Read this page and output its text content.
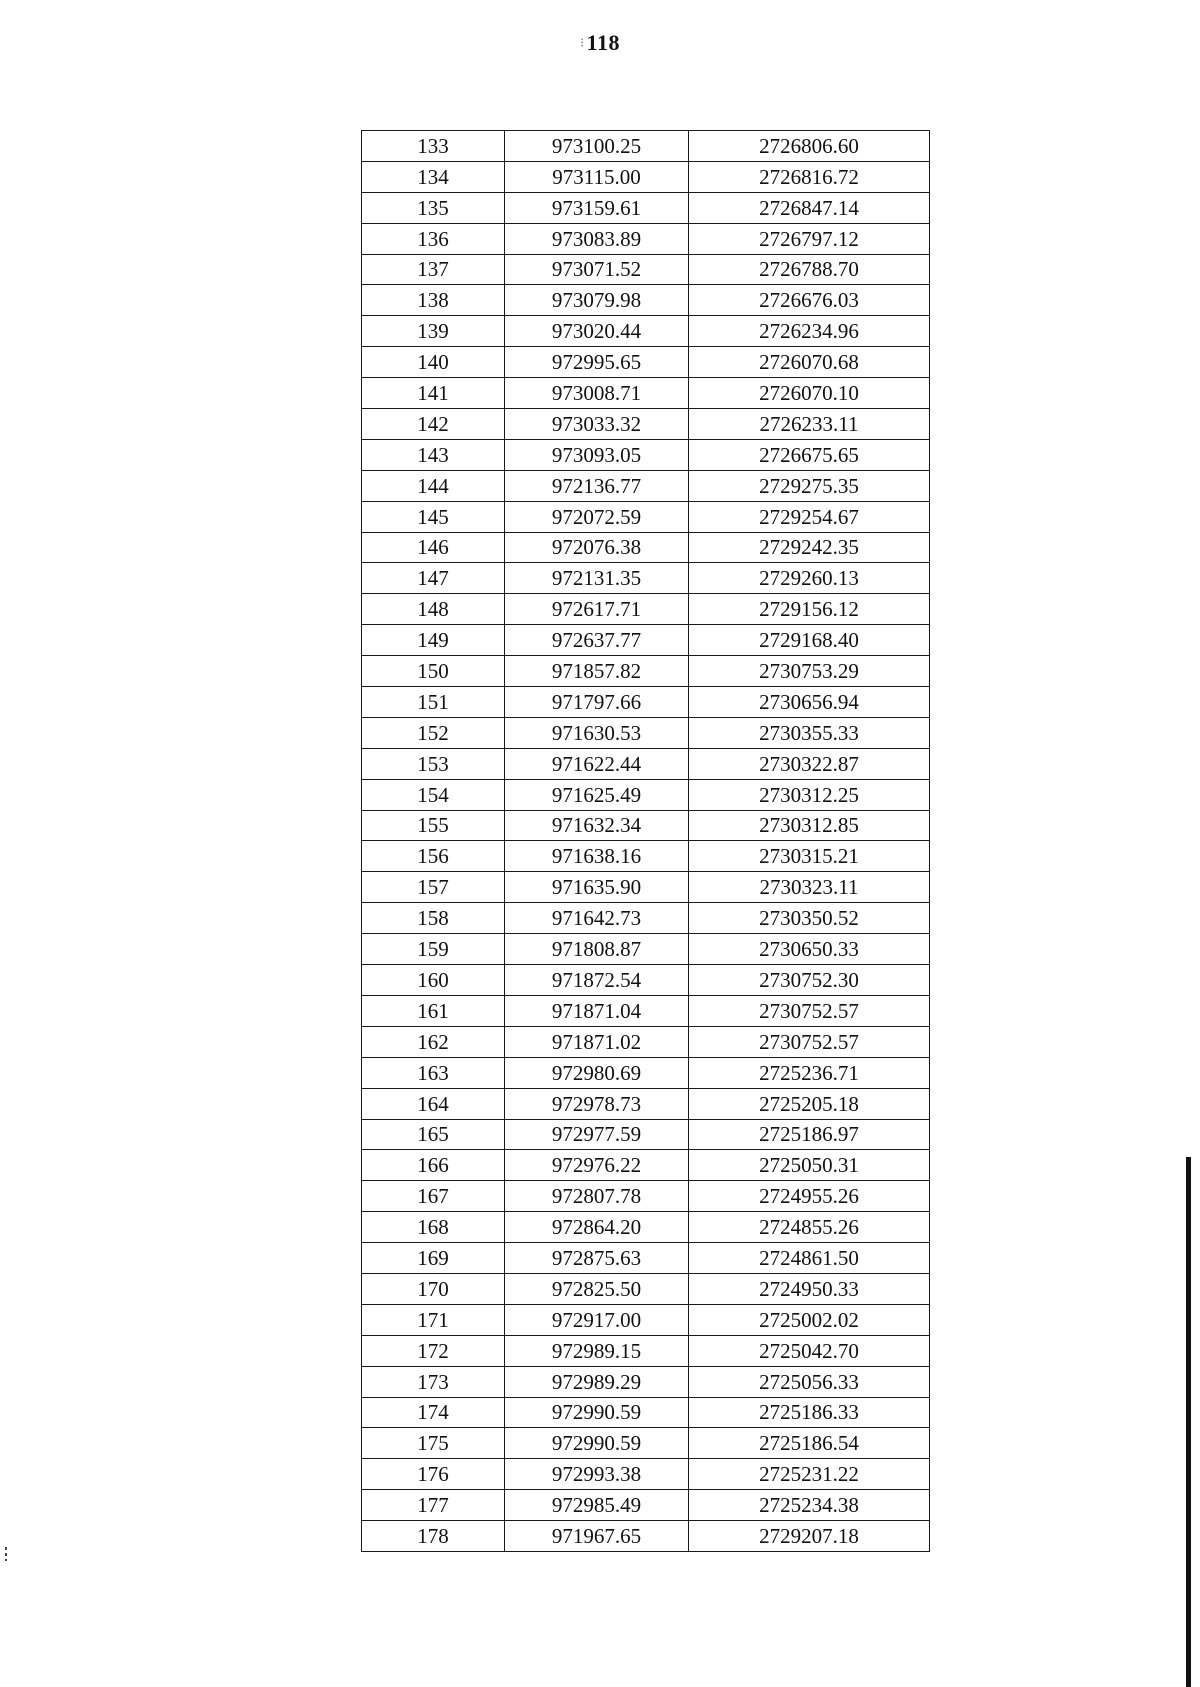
⁝118
133	973100.25	2726806.60
134	973115.00	2726816.72
135	973159.61	2726847.14
136	973083.89	2726797.12
137	973071.52	2726788.70
138	973079.98	2726676.03
139	973020.44	2726234.96
140	972995.65	2726070.68
141	973008.71	2726070.10
142	973033.32	2726233.11
143	973093.05	2726675.65
144	972136.77	2729275.35
145	972072.59	2729254.67
146	972076.38	2729242.35
147	972131.35	2729260.13
148	972617.71	2729156.12
149	972637.77	2729168.40
150	971857.82	2730753.29
151	971797.66	2730656.94
152	971630.53	2730355.33
153	971622.44	2730322.87
154	971625.49	2730312.25
155	971632.34	2730312.85
156	971638.16	2730315.21
157	971635.90	2730323.11
158	971642.73	2730350.52
159	971808.87	2730650.33
160	971872.54	2730752.30
161	971871.04	2730752.57
162	971871.02	2730752.57
163	972980.69	2725236.71
164	972978.73	2725205.18
165	972977.59	2725186.97
166	972976.22	2725050.31
167	972807.78	2724955.26
168	972864.20	2724855.26
169	972875.63	2724861.50
170	972825.50	2724950.33
171	972917.00	2725002.02
172	972989.15	2725042.70
173	972989.29	2725056.33
174	972990.59	2725186.33
175	972990.59	2725186.54
176	972993.38	2725231.22
177	972985.49	2725234.38
178	971967.65	2729207.18
